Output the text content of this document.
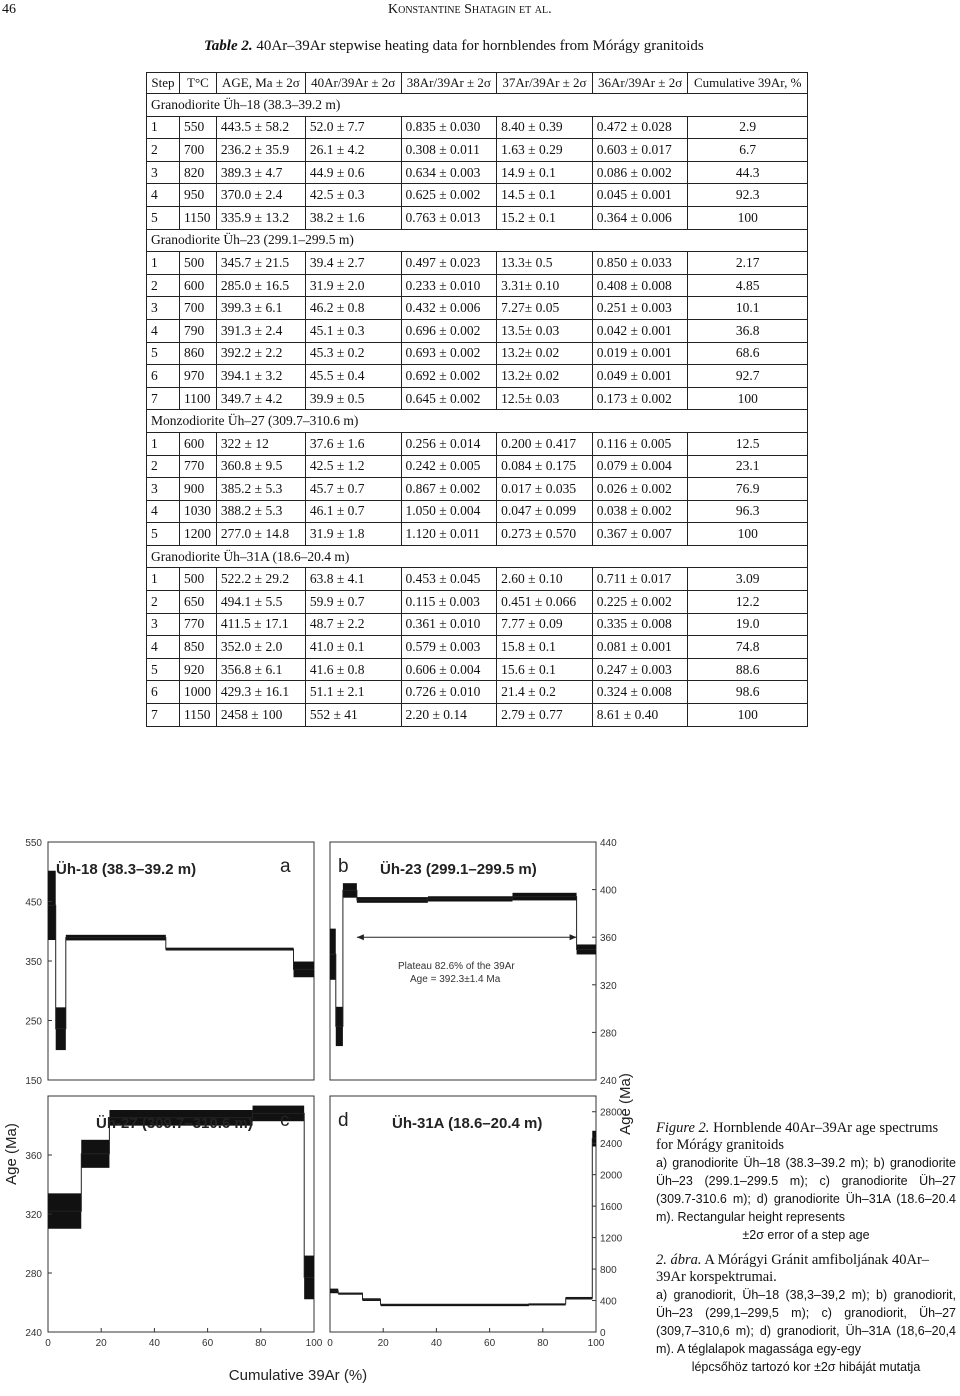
46	Konstantine Shatagin et al.
Table 2. 40Ar–39Ar stepwise heating data for hornblendes from Mórágy granitoids
Step	T°C	AGE, Ma ± 2σ	40Ar/39Ar ± 2σ	38Ar/39Ar ± 2σ	37Ar/39Ar ± 2σ	36Ar/39Ar ± 2σ	Cumulative 39Ar, %
Granodiorite Üh–18 (38.3–39.2 m)							
1	550	443.5 ± 58.2	52.0 ± 7.7	0.835 ± 0.030	8.40 ± 0.39	0.472 ± 0.028	2.9
2	700	236.2 ± 35.9	26.1 ± 4.2	0.308 ± 0.011	1.63 ± 0.29	0.603 ± 0.017	6.7
3	820	389.3 ± 4.7	44.9 ± 0.6	0.634 ± 0.003	14.9 ± 0.1	0.086 ± 0.002	44.3
4	950	370.0 ± 2.4	42.5 ± 0.3	0.625 ± 0.002	14.5 ± 0.1	0.045 ± 0.001	92.3
5	1150	335.9 ± 13.2	38.2 ± 1.6	0.763 ± 0.013	15.2 ± 0.1	0.364 ± 0.006	100
Granodiorite Üh–23 (299.1–299.5 m)							
1	500	345.7 ± 21.5	39.4 ± 2.7	0.497 ± 0.023	13.3± 0.5	0.850 ± 0.033	2.17
2	600	285.0 ± 16.5	31.9 ± 2.0	0.233 ± 0.010	3.31± 0.10	0.408 ± 0.008	4.85
3	700	399.3 ± 6.1	46.2 ± 0.8	0.432 ± 0.006	7.27± 0.05	0.251 ± 0.003	10.1
4	790	391.3 ± 2.4	45.1 ± 0.3	0.696 ± 0.002	13.5± 0.03	0.042 ± 0.001	36.8
5	860	392.2 ± 2.2	45.3 ± 0.2	0.693 ± 0.002	13.2± 0.02	0.019 ± 0.001	68.6
6	970	394.1 ± 3.2	45.5 ± 0.4	0.692 ± 0.002	13.2± 0.02	0.049 ± 0.001	92.7
7	1100	349.7 ± 4.2	39.9 ± 0.5	0.645 ± 0.002	12.5± 0.03	0.173 ± 0.002	100
Monzodiorite Üh–27 (309.7–310.6 m)							
1	600	322 ± 12	37.6 ± 1.6	0.256 ± 0.014	0.200 ± 0.417	0.116 ± 0.005	12.5
2	770	360.8 ± 9.5	42.5 ± 1.2	0.242 ± 0.005	0.084 ± 0.175	0.079 ± 0.004	23.1
3	900	385.2 ± 5.3	45.7 ± 0.7	0.867 ± 0.002	0.017 ± 0.035	0.026 ± 0.002	76.9
4	1030	388.2 ± 5.3	46.1 ± 0.7	1.050 ± 0.004	0.047 ± 0.099	0.038 ± 0.002	96.3
5	1200	277.0 ± 14.8	31.9 ± 1.8	1.120 ± 0.011	0.273 ± 0.570	0.367 ± 0.007	100
Granodiorite Üh–31A (18.6–20.4 m)							
1	500	522.2 ± 29.2	63.8 ± 4.1	0.453 ± 0.045	2.60 ± 0.10	0.711 ± 0.017	3.09
2	650	494.1 ± 5.5	59.9 ± 0.7	0.115 ± 0.003	0.451 ± 0.066	0.225 ± 0.002	12.2
3	770	411.5 ± 17.1	48.7 ± 2.2	0.361 ± 0.010	7.77 ± 0.09	0.335 ± 0.008	19.0
4	850	352.0 ± 2.0	41.0 ± 0.1	0.579 ± 0.003	15.8 ± 0.1	0.081 ± 0.001	74.8
5	920	356.8 ± 6.1	41.6 ± 0.8	0.606 ± 0.004	15.6 ± 0.1	0.247 ± 0.003	88.6
6	1000	429.3 ± 16.1	51.1 ± 2.1	0.726 ± 0.010	21.4 ± 0.2	0.324 ± 0.008	98.6
7	1150	2458 ± 100	552 ± 41	2.20 ± 0.14	2.79 ± 0.77	8.61 ± 0.40	100
550
450
350
250
150
Üh-18 (38.3–39.2 m)	a
440
400
360
320
280
240
Üh-23 (299.1–299.5 m)
b
360
320
280
240
Üh-27 (309.7–310.6 m) c	2800
2400
2000
1600
1200
800
400
0
Üh-31A (18.6–20.4 m)
d
0	20	40	60	80	100 0	20	40	60	80	100
Age (Ma)
Age (Ma)
Cumulative 39Ar (%)
Plateau 82.6% of the 39Ar
Age = 392.3±1.4 Ma

Figure 2. Hornblende 40Ar–39Ar age spectrums for Mórágy granitoids

a) granodiorite Üh–18 (38.3–39.2 m); b) granodiorite Üh–23 (299.1–299.5 m); c) granodiorite Üh–27 (309.7-310.6 m); d) granodiorite Üh–31A (18.6–20.4 m). Rectangular height represents

±2σ error of a step age

2. ábra. A Mórágyi Gránit amfiboljának 40Ar–39Ar korspektrumai.

a) granodiorit, Üh–18 (38,3–39,2 m); b) granodiorit, Üh–23 (299,1–299,5 m); c) granodiorit, Üh–27 (309,7–310,6 m); d) granodiorit, Üh–31A (18,6–20,4 m). A téglalapok magassága egy-egy

lépcsőhöz tartozó kor ±2σ hibáját mutatja
